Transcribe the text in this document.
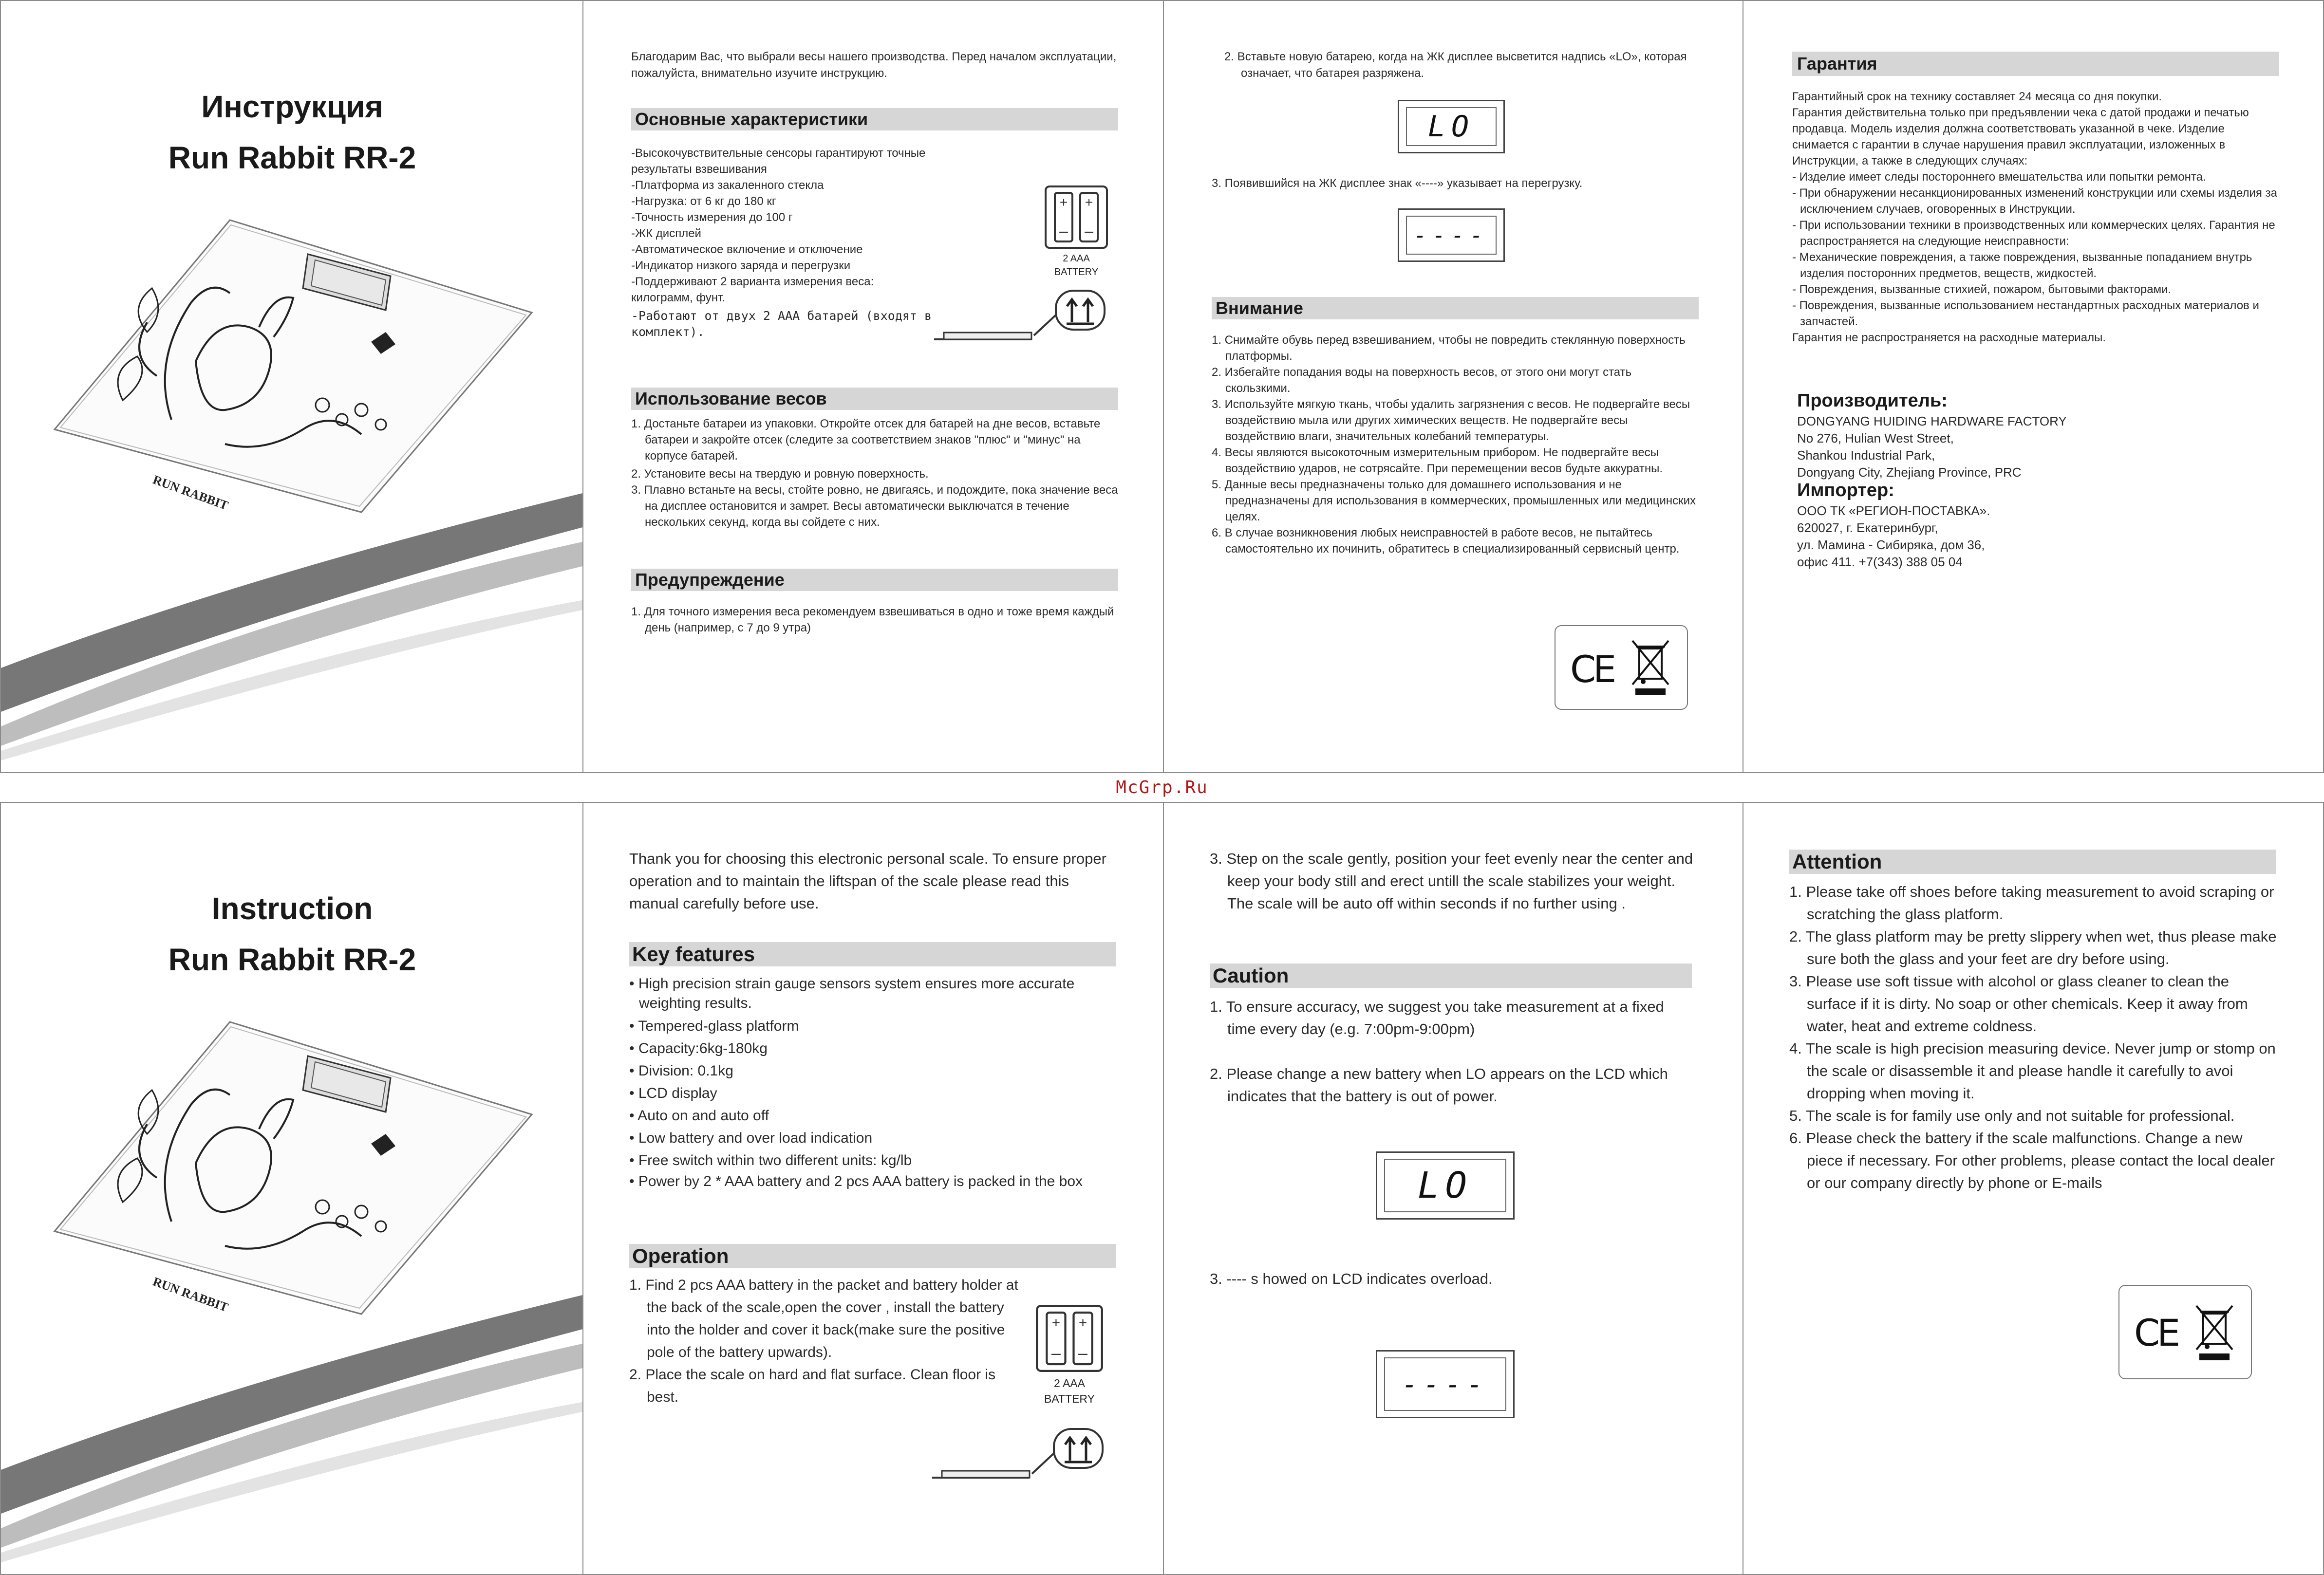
Инструкция
Run Rabbit RR-2
RUN RABBIT
Благодарим Вас, что выбрали весы нашего производства. Перед началом эксплуатации, пожалуйста, внимательно изучите инструкцию.
Основные характеристики
-Высокочувствительные сенсоры гарантируют точные результаты взвешивания
-Платформа из закаленного стекла
-Нагрузка: от 6 кг до 180 кг
-Точность измерения до 100 г
-ЖК дисплей
-Автоматическое включение и отключение
-Индикатор низкого заряда и перегрузки
-Поддерживают 2 варианта измерения веса: килограмм, фунт.
-Работают от двух 2 AAA батарей (входят в комплект).
+ +
– –
2 AAA
BATTERY
Использование весов
1. Достаньте батареи из упаковки. Откройте отсек для батарей на дне весов, вставьте батареи и закройте отсек (следите за соответствием знаков "плюс" и "минус" на корпусе батарей.
2. Установите весы на твердую и ровную поверхность.
3. Плавно встаньте на весы, стойте ровно, не двигаясь, и подождите, пока значение веса на дисплее остановится и замрет. Весы автоматически выключатся в течение нескольких секунд, когда вы сойдете с них.
Предупреждение
1. Для точного измерения веса рекомендуем взвешиваться в одно и тоже время каждый день (например, с 7 до 9 утра)
2. Вставьте новую батарею, когда на ЖК дисплее высветится надпись «LO», которая означает, что батарея разряжена.
LO
3. Появившийся на ЖК дисплее знак «----» указывает на перегрузку.
----
Внимание
1. Снимайте обувь перед взвешиванием, чтобы не повредить стеклянную поверхность платформы.
2. Избегайте попадания воды на поверхность весов, от этого они могут стать скользкими.
3. Используйте мягкую ткань, чтобы удалить загрязнения с весов. Не подвергайте весы воздействию мыла или других химических веществ. Не подвергайте весы воздействию влаги, значительных колебаний температуры.
4. Весы являются высокоточным измерительным прибором. Не подвергайте весы воздействию ударов, не сотрясайте. При перемещении весов будьте аккуратны.
5. Данные весы предназначены только для домашнего использования и не предназначены для использования в коммерческих, промышленных или медицинских целях.
6. В случае возникновения любых неисправностей в работе весов, не пытайтесь самостоятельно их починить, обратитесь в специализированный сервисный центр.
CE
Гарантия
Гарантийный срок на технику составляет 24 месяца со дня покупки.
Гарантия действительна только при предъявлении чека с датой продажи и печатью продавца. Модель изделия должна соответствовать указанной в чеке. Изделие снимается с гарантии в случае нарушения правил эксплуатации, изложенных в Инструкции, а также в следующих случаях:
- Изделие имеет следы постороннего вмешательства или попытки ремонта.
- При обнаружении несанкционированных изменений конструкции или схемы изделия за исключением случаев, оговоренных в Инструкции.
- При использовании техники в производственных или коммерческих целях. Гарантия не распространяется на следующие неисправности:
- Механические повреждения, а также повреждения, вызванные попаданием внутрь изделия посторонних предметов, веществ, жидкостей.
- Повреждения, вызванные стихией, пожаром, бытовыми факторами.
- Повреждения, вызванные использованием нестандартных расходных материалов и запчастей.
Гарантия не распространяется на расходные материалы.
Производитель:
DONGYANG HUIDING HARDWARE FACTORY
No 276, Hulian West Street,
Shankou Industrial Park,
Dongyang City, Zhejiang Province, PRC
Импортер:
ООО ТК «РЕГИОН-ПОСТАВКА».
620027, г. Екатеринбург,
ул. Мамина - Сибиряка, дом 36,
офис 411. +7(343) 388 05 04
McGrp.Ru
Instruction
Run Rabbit RR-2
RUN RABBIT
Thank you for choosing this electronic personal scale. To ensure proper operation and to maintain the liftspan of the scale please read this manual carefully before use.
Key features
• High precision strain gauge sensors system ensures more accurate weighting results.
• Tempered-glass platform
• Capacity:6kg-180kg
• Division: 0.1kg
• LCD display
• Auto on and auto off
• Low battery and over load indication
• Free switch within two different units: kg/lb
• Power by 2 * AAA battery and 2 pcs AAA battery is packed in the box
Operation
1. Find 2 pcs AAA battery in the packet and battery holder at the back of the scale,open the cover , install the battery into the holder and cover it back(make sure the positive pole of the battery upwards).
2. Place the scale on hard and flat surface. Clean floor is best.
+ +
– –
2 AAA
BATTERY
3. Step on the scale gently, position your feet evenly near the center and keep your body still and erect untill the scale stabilizes your weight. The scale will be auto off within seconds if no further using .
Caution
1. To ensure accuracy, we suggest you take measurement at a fixed time every day (e.g. 7:00pm-9:00pm)
2. Please change a new battery when LO appears on the LCD which indicates that the battery is out of power.
LO
3. ---- s howed on LCD indicates overload.
----
Attention
1. Please take off shoes before taking measurement to avoid scraping or scratching the glass platform.
2. The glass platform may be pretty slippery when wet, thus please make sure both the glass and your feet are dry before using.
3. Please use soft tissue with alcohol or glass cleaner to clean the surface if it is dirty. No soap or other chemicals. Keep it away from water, heat and extreme coldness.
4. The scale is high precision measuring device. Never jump or stomp on the scale or disassemble it and please handle it carefully to avoi dropping when moving it.
5. The scale is for family use only and not suitable for professional.
6. Please check the battery if the scale malfunctions. Change a new piece if necessary. For other problems, please contact the local dealer or our company directly by phone or E-mails
CE
